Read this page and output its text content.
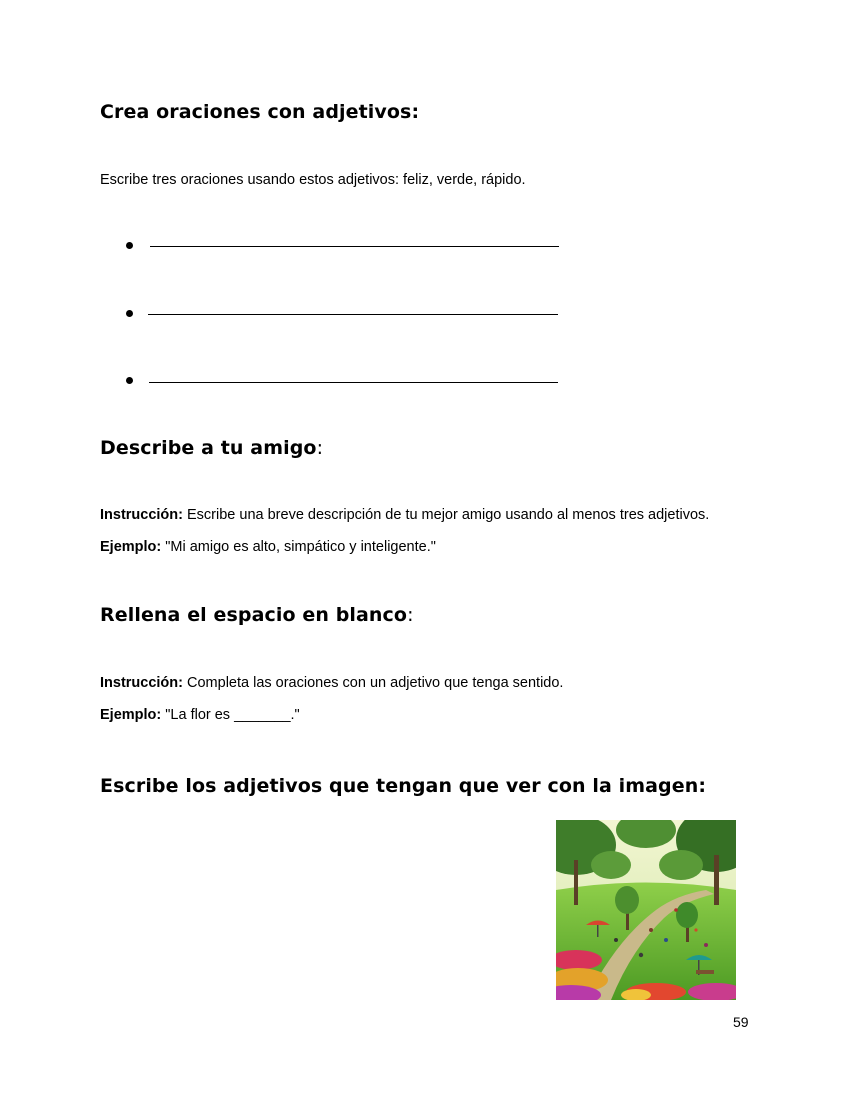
Crea oraciones con adjetivos:

Escribe tres oraciones usando estos adjetivos: feliz, verde, rápido.

Describe a tu amigo:

Instrucción: Escribe una breve descripción de tu mejor amigo usando al menos tres adjetivos.

Ejemplo: "Mi amigo es alto, simpático y inteligente."

Rellena el espacio en blanco:

Instrucción: Completa las oraciones con un adjetivo que tenga sentido.

Ejemplo: "La flor es _______."

Escribe los adjetivos que tengan que ver con la imagen:
59
